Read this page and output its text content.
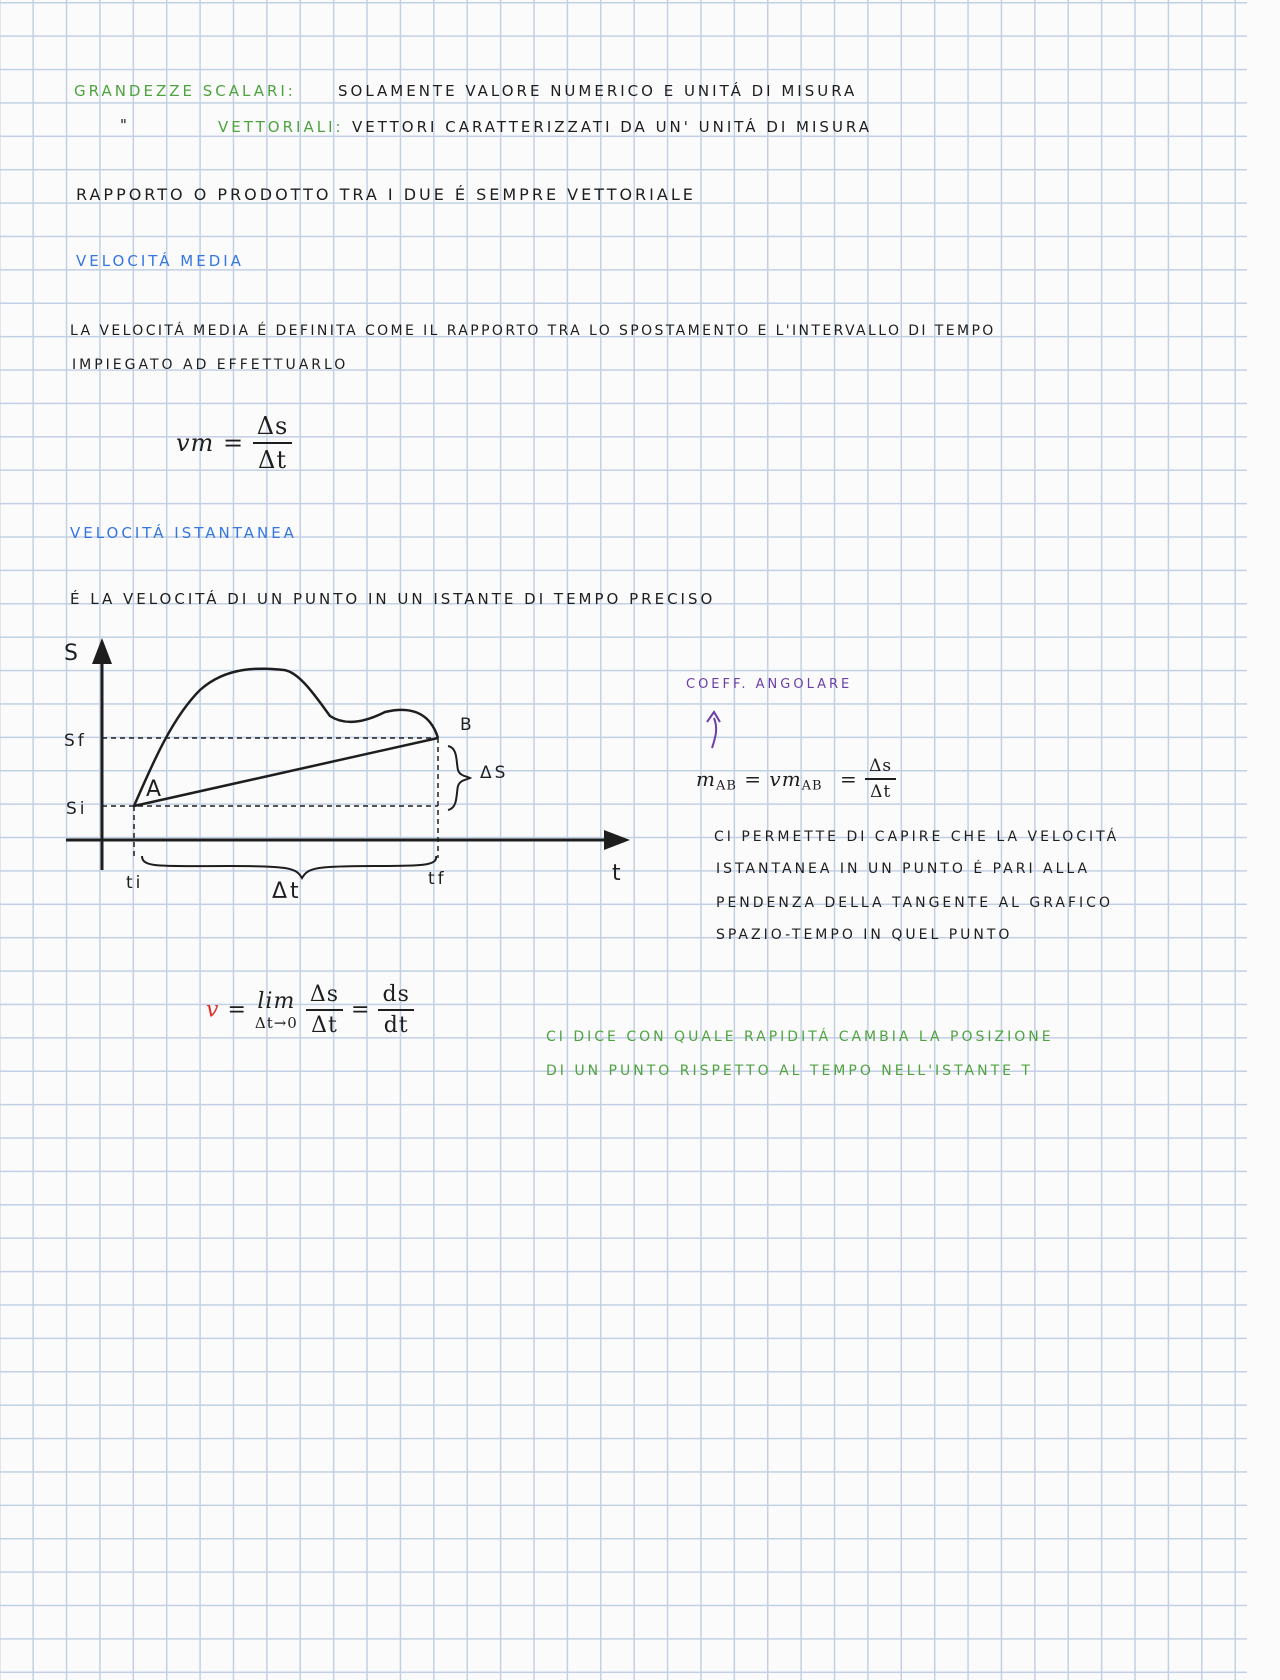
GRANDEZZE SCALARI:	SOLAMENTE VALORE NUMERICO E UNITÁ DI MISURA

"	VETTORIALI: VETTORI CARATTERIZZATI DA UN' UNITÁ DI MISURA

RAPPORTO O PRODOTTO TRA I DUE É SEMPRE VETTORIALE

VELOCITÁ MEDIA

LA VELOCITÁ MEDIA É DEFINITA COME IL RAPPORTO TRA LO SPOSTAMENTO E L'INTERVALLO DI TEMPO

IMPIEGATO AD EFFETTUARLO

vm = $\frac{\Delta s}{\Delta t}$

VELOCITÁ ISTANTANEA

É LA VELOCITÁ DI UN PUNTO IN UN ISTANTE DI TEMPO PRECISO

S
t
Sf
Si
A
B
ti	tf
Δt
ΔS

COEFF. ANGOLARE

$m_{AB} = vm_{AB} = \frac{\Delta s}{\Delta t}$

CI PERMETTE DI CAPIRE CHE LA VELOCITÁ

ISTANTANEA IN UN PUNTO É PARI ALLA

PENDENZA DELLA TANGENTE AL GRAFICO

SPAZIO-TEMPO IN QUEL PUNTO

v = lim
Δt→0
$\frac{\Delta s}{\Delta t} = \frac{ds}{dt}$	CI DICE CON QUALE RAPIDITÁ CAMBIA LA POSIZIONE

DI UN PUNTO RISPETTO AL TEMPO NELL'ISTANTE T
